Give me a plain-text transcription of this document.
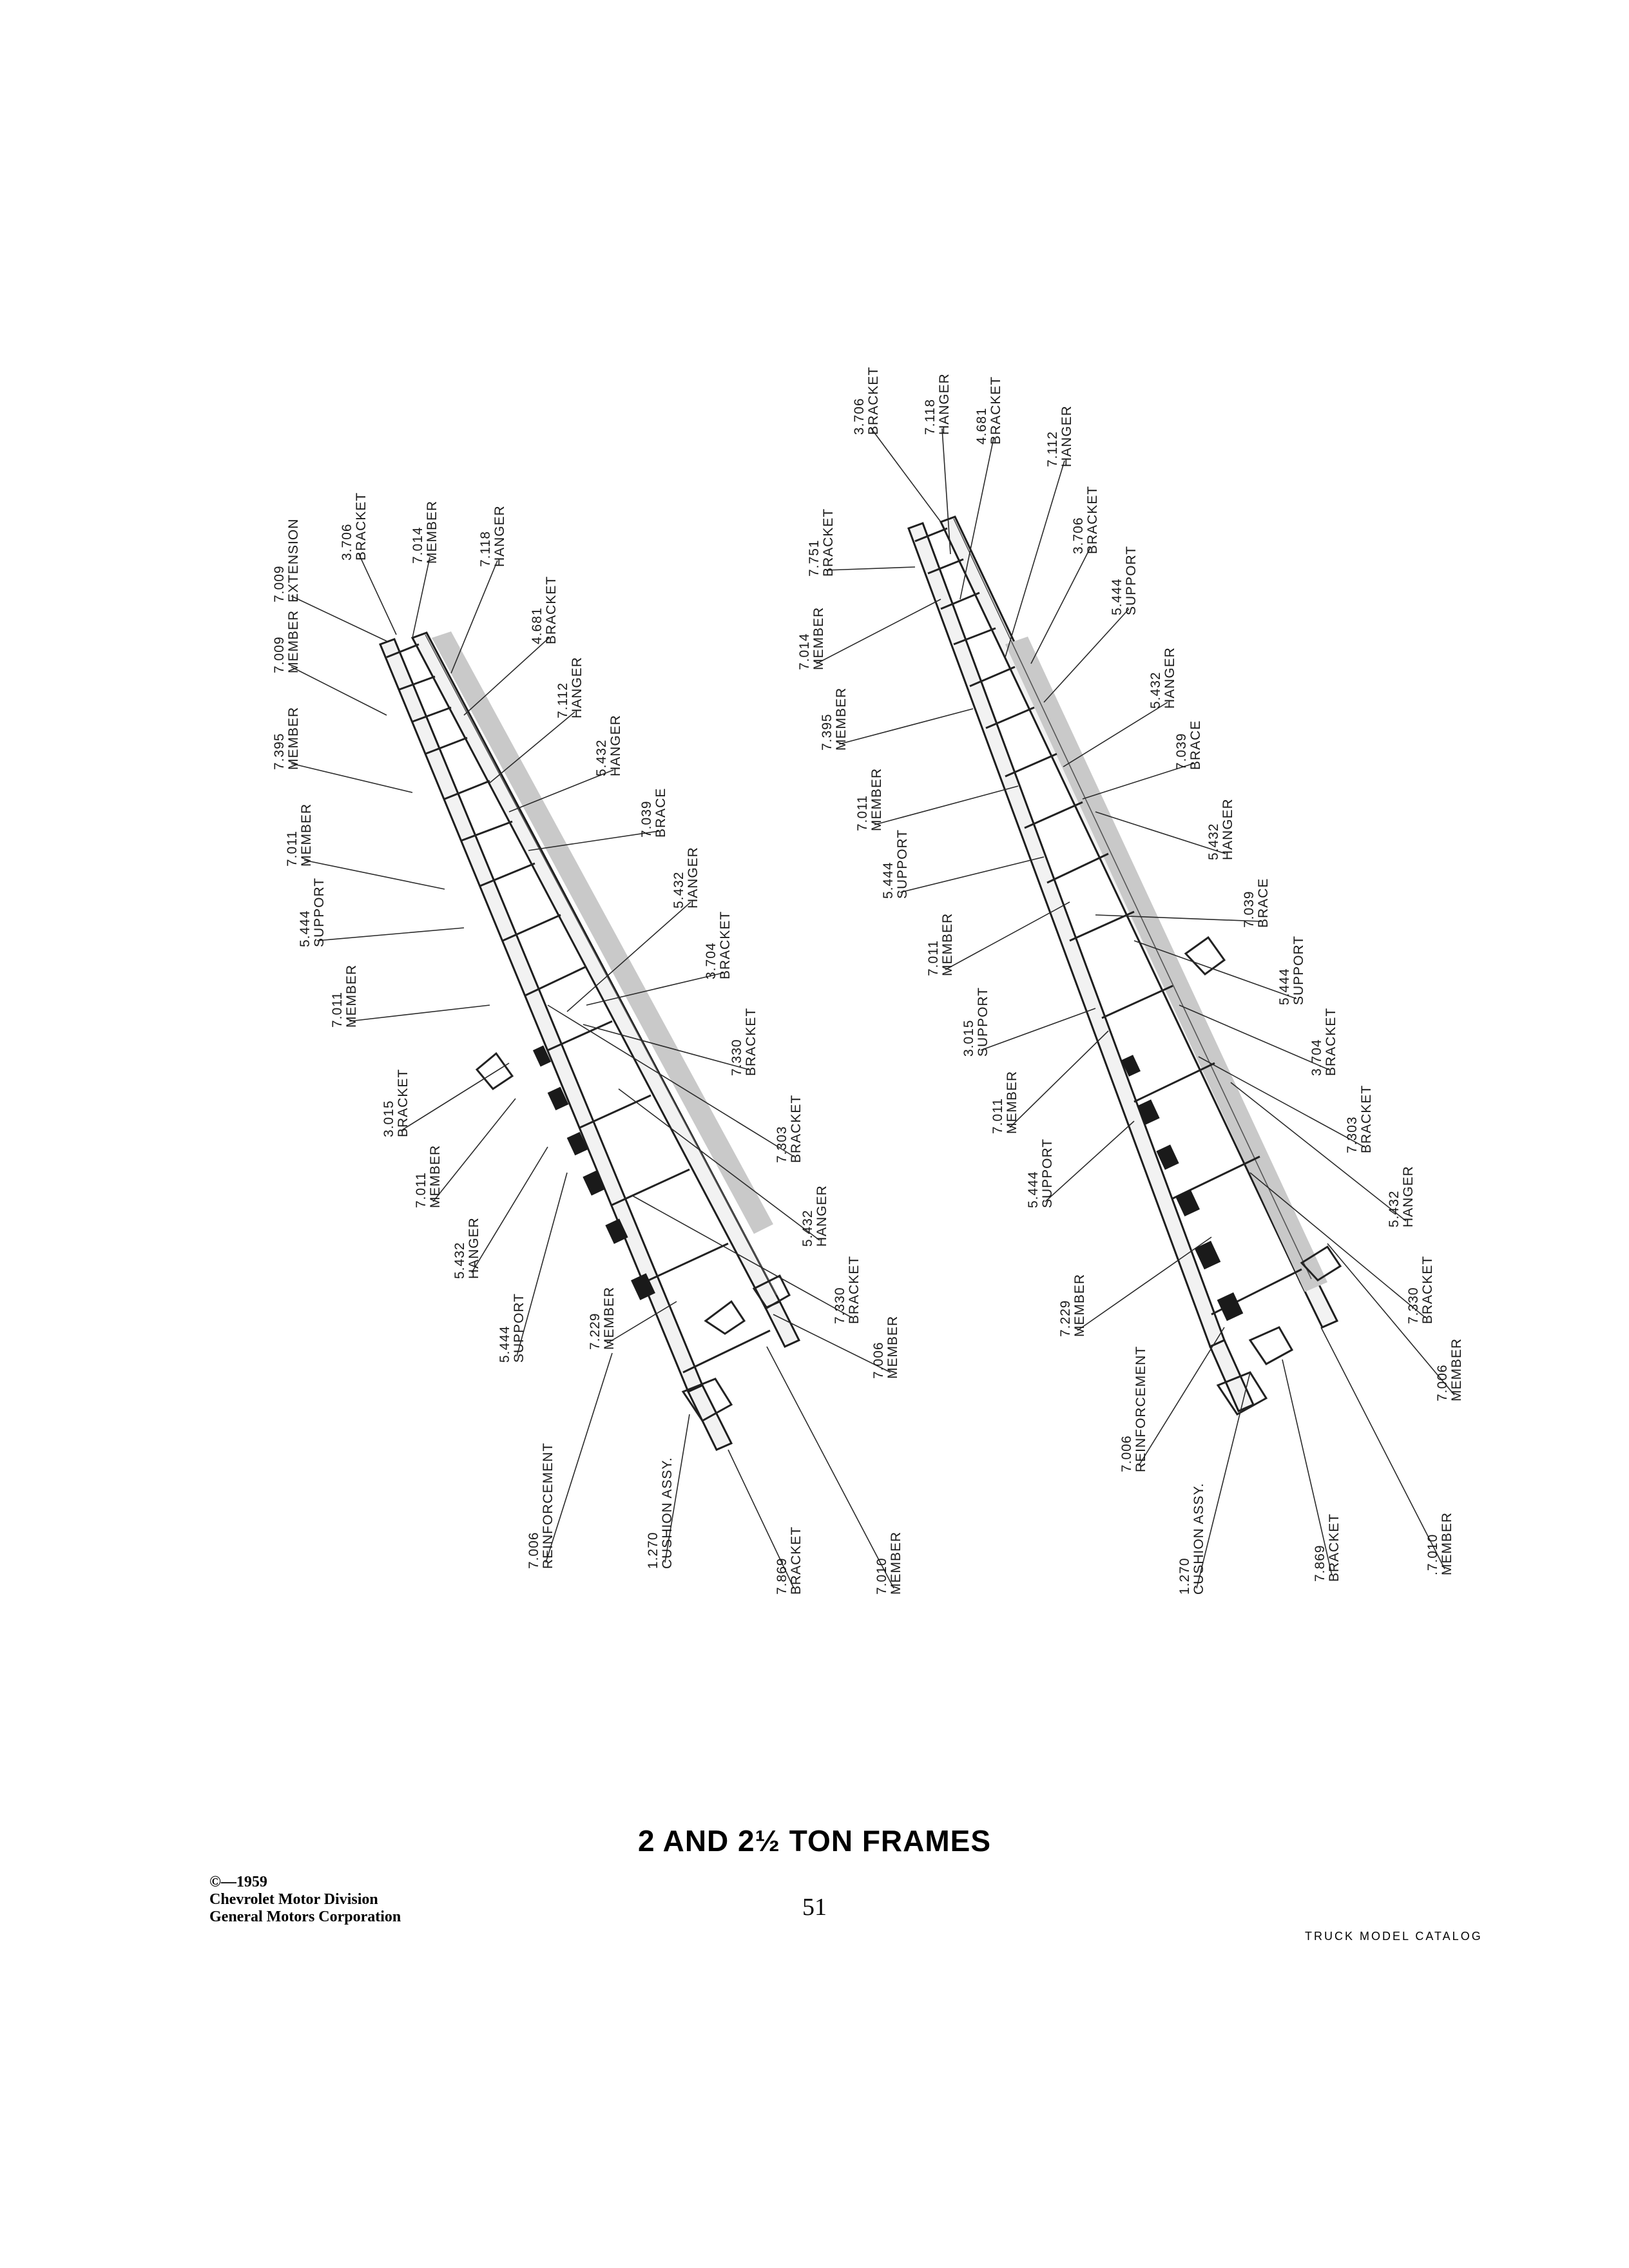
7.009EXTENSION	3.706BRACKET	7.014MEMBER	7.118HANGER
4.681BRACKET
7.009MEMBER
7.112HANGER
7.395MEMBER	5.432HANGER
7.039BRACE
7.011MEMBER
5.444SUPPORT	5.432HANGER
3.704BRACKET
7.011MEMBER
7.330BRACKET
3.015BRACKET
7.303BRACKET
7.011MEMBER
5.432HANGER
5.432HANGER
7.330BRACKET
5.444SUPPORT	7.229MEMBER
7.006MEMBER
7.006REINFORCEMENT	1.270CUSHION ASSY.
7.869BRACKET	7.010MEMBER
3.706BRACKET	7.118HANGER 4.681BRACKET
7.112HANGER
7.751BRACKET	3.706BRACKET
7.014MEMBER
5.444SUPPORT
5.432HANGER
7.395MEMBER
7.039BRACE
7.011MEMBER
5.432HANGER
5.444SUPPORT
7.039BRACE
7.011MEMBER
5.444SUPPORT
3.015SUPPORT
3.704BRACKET
7.011MEMBER
7.303BRACKET
5.444SUPPORT
5.432HANGER
7.229MEMBER	7.330BRACKET
7.006MEMBER
7.006REINFORCEMENT
1.270CUSHION ASSY.	7.869BRACKET	.7.010MEMBER
2 AND 2½ TON FRAMES
51
©—1959
Chevrolet Motor Division
General Motors Corporation
TRUCK MODEL CATALOG
